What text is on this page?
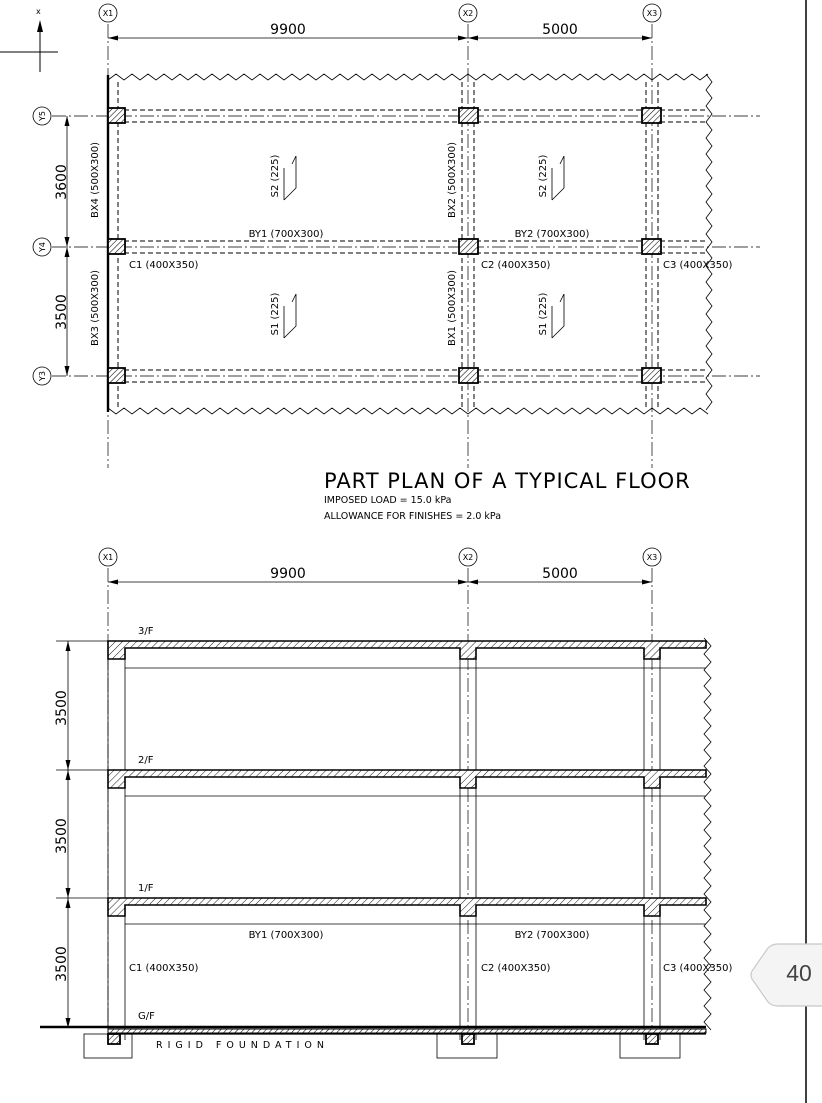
x	X1	X2	X3
Y5
Y4
Y3
9900	5000
3600
3500
BX4 (500X300)
BX3 (500X300)
BX2 (500X300)
BX1 (500X300)
BY1 (700X300)	BY2 (700X300)
C1 (400X350)	C2 (400X350)	C3 (400X350)
S2 (225)	S2 (225)
S1 (225)	S1 (225)
PART PLAN OF A TYPICAL FLOOR
IMPOSED LOAD = 15.0 kPa
ALLOWANCE FOR FINISHES = 2.0 kPa
X1	X2	X3
9900	5000
3500
3500
3500
3/F
2/F
1/F
G/F
BY1 (700X300)	BY2 (700X300)
C1 (400X350)	C2 (400X350)	C3 (400X350)
RIGID FOUNDATION
40
